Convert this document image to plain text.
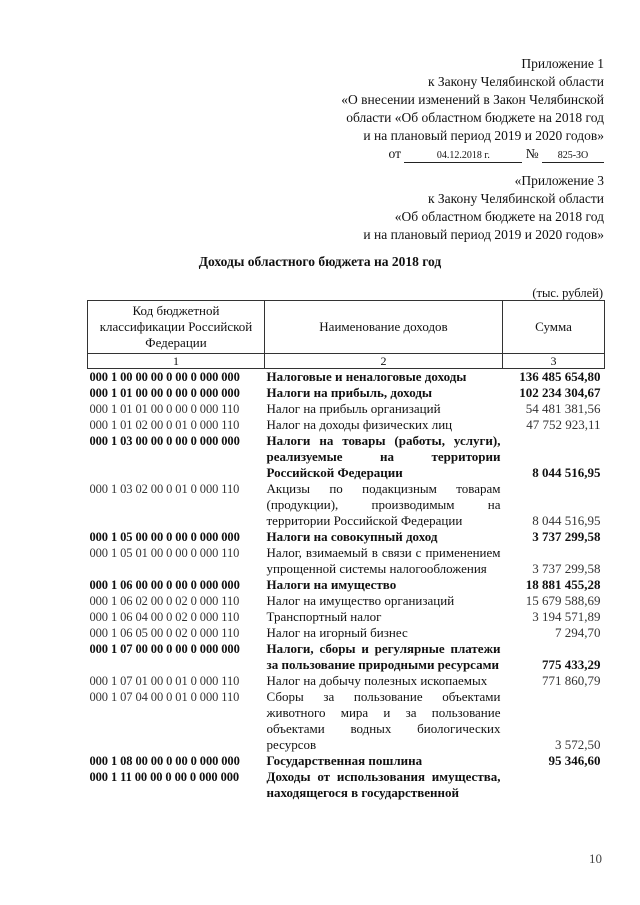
Приложение 1
к Закону Челябинской области
«О внесении изменений в Закон Челябинской
области «Об областном бюджете на 2018 год
и на плановый период 2019 и 2020 годов»
от	04.12.2018 г.	№ 825-ЗО
«Приложение 3
к Закону Челябинской области
«Об областном бюджете на 2018 год
и на плановый период 2019 и 2020 годов»
Доходы областного бюджета на 2018 год
(тыс. рублей)
Код бюджетной классификации Российской Федерации	Наименование доходов	Сумма
1	2	3
000 1 00 00 00 0 00 0 000 000	Налоговые и неналоговые доходы	136 485 654,80
000 1 01 00 00 0 00 0 000 000	Налоги на прибыль, доходы	102 234 304,67
000 1 01 01 00 0 00 0 000 110	Налог на прибыль организаций	54 481 381,56
000 1 01 02 00 0 01 0 000 110	Налог на доходы физических лиц	47 752 923,11
000 1 03 00 00 0 00 0 000 000	Налоги на товары (работы, услуги), реализуемые на территории Российской Федерации	8 044 516,95
000 1 03 02 00 0 01 0 000 110	Акцизы по подакцизным товарам (продукции), производимым на территории Российской Федерации	8 044 516,95
000 1 05 00 00 0 00 0 000 000	Налоги на совокупный доход	3 737 299,58
000 1 05 01 00 0 00 0 000 110	Налог, взимаемый в связи с применением упрощенной системы налогообложения	3 737 299,58
000 1 06 00 00 0 00 0 000 000	Налоги на имущество	18 881 455,28
000 1 06 02 00 0 02 0 000 110	Налог на имущество организаций	15 679 588,69
000 1 06 04 00 0 02 0 000 110	Транспортный налог	3 194 571,89
000 1 06 05 00 0 02 0 000 110	Налог на игорный бизнес	7 294,70
000 1 07 00 00 0 00 0 000 000	Налоги, сборы и регулярные платежи за пользование природными ресурсами	775 433,29
000 1 07 01 00 0 01 0 000 110	Налог на добычу полезных ископаемых	771 860,79
000 1 07 04 00 0 01 0 000 110	Сборы за пользование объектами животного мира и за пользование объектами водных биологических ресурсов	3 572,50
000 1 08 00 00 0 00 0 000 000	Государственная пошлина	95 346,60
000 1 11 00 00 0 00 0 000 000	Доходы от использования имущества, находящегося в государственной	
10
